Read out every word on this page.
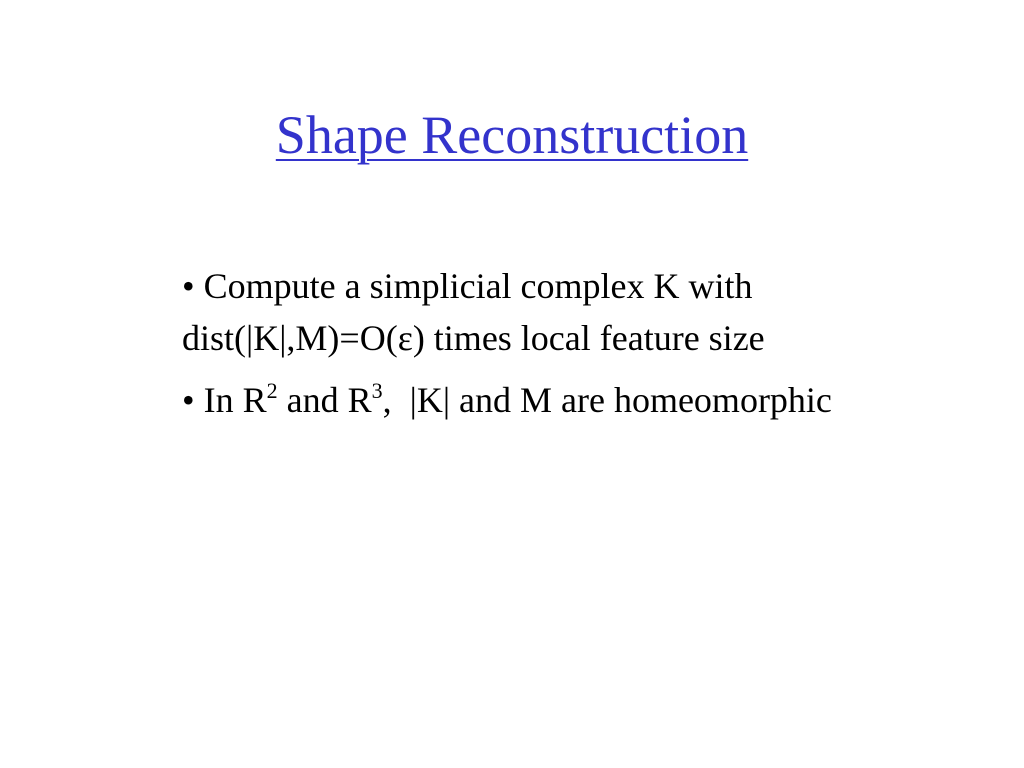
Shape Reconstruction
• Compute a simplicial complex K with dist(|K|,M)=O(ε) times local feature size
• In $R^2$ and $R^3$,  |K| and M are homeomorphic
